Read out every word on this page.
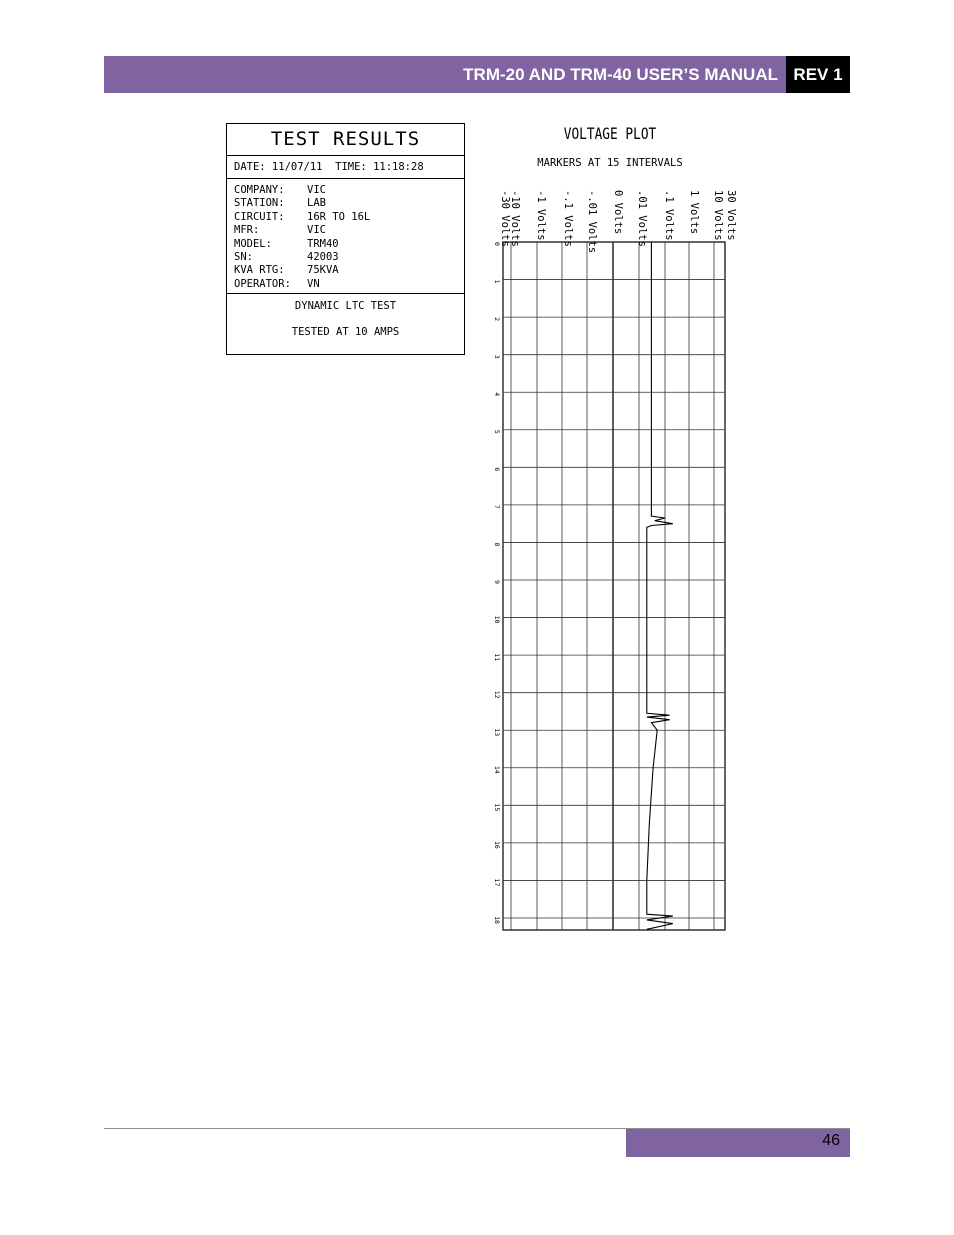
TRM-20 AND TRM-40 USER’S MANUAL REV 1
TEST RESULTS
DATE: 11/07/11  TIME: 11:18:28
COMPANY:	VIC
STATION:	LAB
CIRCUIT:	16R TO 16L
MFR:	VIC
MODEL:	TRM40
SN:	42003
KVA RTG:	75KVA
OPERATOR:	VN
DYNAMIC LTC TEST
TESTED AT 10 AMPS
VOLTAGE PLOT
MARKERS AT 15 INTERVALS
0
1
2
3
4
5
6
7
8
9
10
11
12
13
14
15
16
17
18
-30 Volts
-10 Volts -1 Volts -.1 Volts -.01 Volts 0 Volts .01 Volts .1 Volts 1 Volts 10 Volts 30 Volts
46
